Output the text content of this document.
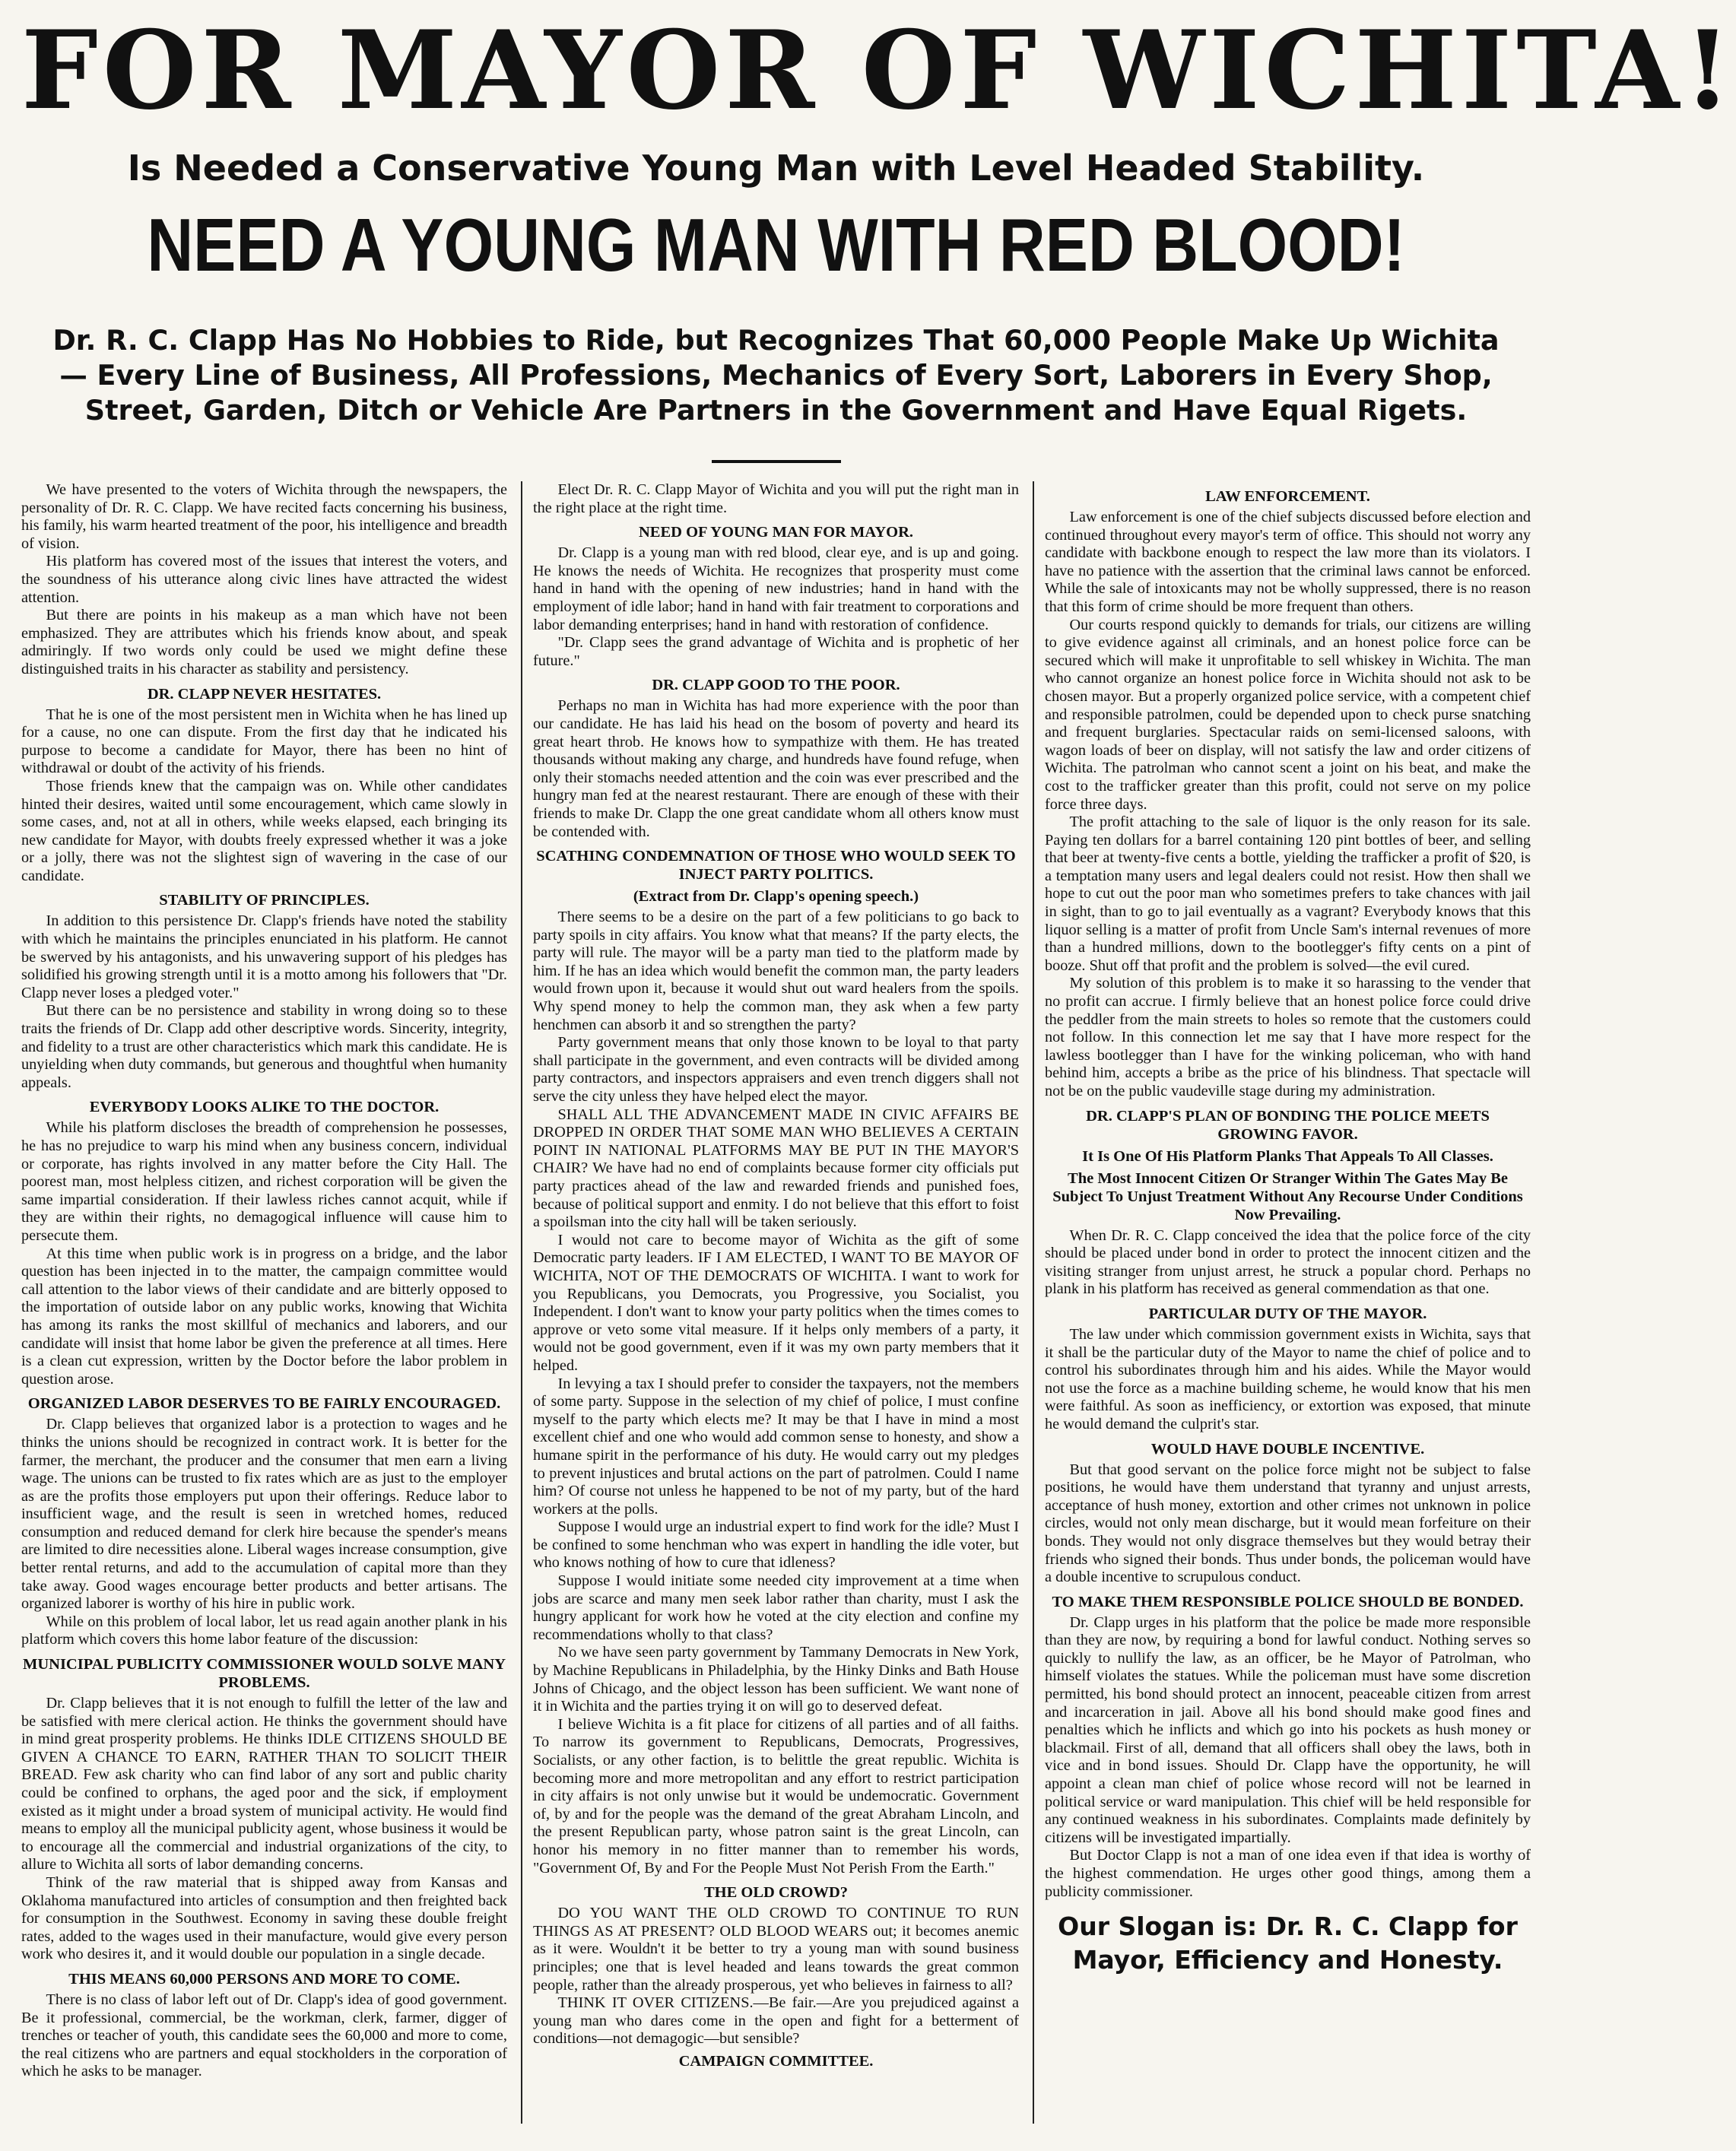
FOR MAYOR OF WICHITA!
Is Needed a Conservative Young Man with Level Headed Stability.
NEED A YOUNG MAN WITH RED BLOOD!
Dr. R. C. Clapp Has No Hobbies to Ride, but Recognizes That 60,000 People Make Up Wichita— Every Line of Business, All Professions, Mechanics of Every Sort, Laborers in Every Shop, Street, Garden, Ditch or Vehicle Are Partners in the Government and Have Equal Rigets.

We have presented to the voters of Wichita through the newspapers, the personality of Dr. R. C. Clapp. We have recited facts concerning his business, his family, his warm hearted treatment of the poor, his intelligence and breadth of vision.

His platform has covered most of the issues that interest the voters, and the soundness of his utterance along civic lines have attracted the widest attention.

But there are points in his makeup as a man which have not been emphasized. They are attributes which his friends know about, and speak admiringly. If two words only could be used we might define these distinguished traits in his character as stability and persistency.

DR. CLAPP NEVER HESITATES.

That he is one of the most persistent men in Wichita when he has lined up for a cause, no one can dispute. From the first day that he indicated his purpose to become a candidate for Mayor, there has been no hint of withdrawal or doubt of the activity of his friends.

Those friends knew that the campaign was on. While other candidates hinted their desires, waited until some encouragement, which came slowly in some cases, and, not at all in others, while weeks elapsed, each bringing its new candidate for Mayor, with doubts freely expressed whether it was a joke or a jolly, there was not the slightest sign of wavering in the case of our candidate.

STABILITY OF PRINCIPLES.

In addition to this persistence Dr. Clapp's friends have noted the stability with which he maintains the principles enunciated in his platform. He cannot be swerved by his antagonists, and his unwavering support of his pledges has solidified his growing strength until it is a motto among his followers that "Dr. Clapp never loses a pledged voter."

But there can be no persistence and stability in wrong doing so to these traits the friends of Dr. Clapp add other descriptive words. Sincerity, integrity, and fidelity to a trust are other characteristics which mark this candidate. He is unyielding when duty commands, but generous and thoughtful when humanity appeals.

EVERYBODY LOOKS ALIKE TO THE DOCTOR.

While his platform discloses the breadth of comprehension he possesses, he has no prejudice to warp his mind when any business concern, individual or corporate, has rights involved in any matter before the City Hall. The poorest man, most helpless citizen, and richest corporation will be given the same impartial consideration. If their lawless riches cannot acquit, while if they are within their rights, no demagogical influence will cause him to persecute them.

At this time when public work is in progress on a bridge, and the labor question has been injected in to the matter, the campaign committee would call attention to the labor views of their candidate and are bitterly opposed to the importation of outside labor on any public works, knowing that Wichita has among its ranks the most skillful of mechanics and laborers, and our candidate will insist that home labor be given the preference at all times. Here is a clean cut expression, written by the Doctor before the labor problem in question arose.

ORGANIZED LABOR DESERVES TO BE FAIRLY ENCOURAGED.

Dr. Clapp believes that organized labor is a protection to wages and he thinks the unions should be recognized in contract work. It is better for the farmer, the merchant, the producer and the consumer that men earn a living wage. The unions can be trusted to fix rates which are as just to the employer as are the profits those employers put upon their offerings. Reduce labor to insufficient wage, and the result is seen in wretched homes, reduced consumption and reduced demand for clerk hire because the spender's means are limited to dire necessities alone. Liberal wages increase consumption, give better rental returns, and add to the accumulation of capital more than they take away. Good wages encourage better products and better artisans. The organized laborer is worthy of his hire in public work.

While on this problem of local labor, let us read again another plank in his platform which covers this home labor feature of the discussion:

MUNICIPAL PUBLICITY COMMISSIONER WOULD SOLVE MANY PROBLEMS.

Dr. Clapp believes that it is not enough to fulfill the letter of the law and be satisfied with mere clerical action. He thinks the government should have in mind great prosperity problems. He thinks IDLE CITIZENS SHOULD BE GIVEN A CHANCE TO EARN, RATHER THAN TO SOLICIT THEIR BREAD. Few ask charity who can find labor of any sort and public charity could be confined to orphans, the aged poor and the sick, if employment existed as it might under a broad system of municipal activity. He would find means to employ all the municipal publicity agent, whose business it would be to encourage all the commercial and industrial organizations of the city, to allure to Wichita all sorts of labor demanding concerns.

Think of the raw material that is shipped away from Kansas and Oklahoma manufactured into articles of consumption and then freighted back for consumption in the Southwest. Economy in saving these double freight rates, added to the wages used in their manufacture, would give every person work who desires it, and it would double our population in a single decade.

THIS MEANS 60,000 PERSONS AND MORE TO COME.

There is no class of labor left out of Dr. Clapp's idea of good government. Be it professional, commercial, be the workman, clerk, farmer, digger of trenches or teacher of youth, this candidate sees the 60,000 and more to come, the real citizens who are partners and equal stockholders in the corporation of which he asks to be manager.

Elect Dr. R. C. Clapp Mayor of Wichita and you will put the right man in the right place at the right time.

NEED OF YOUNG MAN FOR MAYOR.

Dr. Clapp is a young man with red blood, clear eye, and is up and going. He knows the needs of Wichita. He recognizes that prosperity must come hand in hand with the opening of new industries; hand in hand with the employment of idle labor; hand in hand with fair treatment to corporations and labor demanding enterprises; hand in hand with restoration of confidence.

"Dr. Clapp sees the grand advantage of Wichita and is prophetic of her future."

DR. CLAPP GOOD TO THE POOR.

Perhaps no man in Wichita has had more experience with the poor than our candidate. He has laid his head on the bosom of poverty and heard its great heart throb. He knows how to sympathize with them. He has treated thousands without making any charge, and hundreds have found refuge, when only their stomachs needed attention and the coin was ever prescribed and the hungry man fed at the nearest restaurant. There are enough of these with their friends to make Dr. Clapp the one great candidate whom all others know must be contended with.

SCATHING CONDEMNATION OF THOSE WHO WOULD SEEK TO INJECT PARTY POLITICS.
(Extract from Dr. Clapp's opening speech.)

There seems to be a desire on the part of a few politicians to go back to party spoils in city affairs. You know what that means? If the party elects, the party will rule. The mayor will be a party man tied to the platform made by him. If he has an idea which would benefit the common man, the party leaders would frown upon it, because it would shut out ward healers from the spoils. Why spend money to help the common man, they ask when a few party henchmen can absorb it and so strengthen the party?

Party government means that only those known to be loyal to that party shall participate in the government, and even contracts will be divided among party contractors, and inspectors appraisers and even trench diggers shall not serve the city unless they have helped elect the mayor.

SHALL ALL THE ADVANCEMENT MADE IN CIVIC AFFAIRS BE DROPPED IN ORDER THAT SOME MAN WHO BELIEVES A CERTAIN POINT IN NATIONAL PLATFORMS MAY BE PUT IN THE MAYOR'S CHAIR? We have had no end of complaints because former city officials put party practices ahead of the law and rewarded friends and punished foes, because of political support and enmity. I do not believe that this effort to foist a spoilsman into the city hall will be taken seriously.

I would not care to become mayor of Wichita as the gift of some Democratic party leaders. IF I AM ELECTED, I WANT TO BE MAYOR OF WICHITA, NOT OF THE DEMOCRATS OF WICHITA. I want to work for you Republicans, you Democrats, you Progressive, you Socialist, you Independent. I don't want to know your party politics when the times comes to approve or veto some vital measure. If it helps only members of a party, it would not be good government, even if it was my own party members that it helped.

In levying a tax I should prefer to consider the taxpayers, not the members of some party. Suppose in the selection of my chief of police, I must confine myself to the party which elects me? It may be that I have in mind a most excellent chief and one who would add common sense to honesty, and show a humane spirit in the performance of his duty. He would carry out my pledges to prevent injustices and brutal actions on the part of patrolmen. Could I name him? Of course not unless he happened to be not of my party, but of the hard workers at the polls.

Suppose I would urge an industrial expert to find work for the idle? Must I be confined to some henchman who was expert in handling the idle voter, but who knows nothing of how to cure that idleness?

Suppose I would initiate some needed city improvement at a time when jobs are scarce and many men seek labor rather than charity, must I ask the hungry applicant for work how he voted at the city election and confine my recommendations wholly to that class?

No we have seen party government by Tammany Democrats in New York, by Machine Republicans in Philadelphia, by the Hinky Dinks and Bath House Johns of Chicago, and the object lesson has been sufficient. We want none of it in Wichita and the parties trying it on will go to deserved defeat.

I believe Wichita is a fit place for citizens of all parties and of all faiths. To narrow its government to Republicans, Democrats, Progressives, Socialists, or any other faction, is to belittle the great republic. Wichita is becoming more and more metropolitan and any effort to restrict participation in city affairs is not only unwise but it would be undemocratic. Government of, by and for the people was the demand of the great Abraham Lincoln, and the present Republican party, whose patron saint is the great Lincoln, can honor his memory in no fitter manner than to remember his words, "Government Of, By and For the People Must Not Perish From the Earth."

THE OLD CROWD?

DO YOU WANT THE OLD CROWD TO CONTINUE TO RUN THINGS AS AT PRESENT? OLD BLOOD WEARS out; it becomes anemic as it were. Wouldn't it be better to try a young man with sound business principles; one that is level headed and leans towards the great common people, rather than the already prosperous, yet who believes in fairness to all?

THINK IT OVER CITIZENS.—Be fair.—Are you prejudiced against a young man who dares come in the open and fight for a betterment of conditions—not demagogic—but sensible?

CAMPAIGN COMMITTEE.
LAW ENFORCEMENT.

Law enforcement is one of the chief subjects discussed before election and continued throughout every mayor's term of office. This should not worry any candidate with backbone enough to respect the law more than its violators. I have no patience with the assertion that the criminal laws cannot be enforced. While the sale of intoxicants may not be wholly suppressed, there is no reason that this form of crime should be more frequent than others.

Our courts respond quickly to demands for trials, our citizens are willing to give evidence against all criminals, and an honest police force can be secured which will make it unprofitable to sell whiskey in Wichita. The man who cannot organize an honest police force in Wichita should not ask to be chosen mayor. But a properly organized police service, with a competent chief and responsible patrolmen, could be depended upon to check purse snatching and frequent burglaries. Spectacular raids on semi-licensed saloons, with wagon loads of beer on display, will not satisfy the law and order citizens of Wichita. The patrolman who cannot scent a joint on his beat, and make the cost to the trafficker greater than this profit, could not serve on my police force three days.

The profit attaching to the sale of liquor is the only reason for its sale. Paying ten dollars for a barrel containing 120 pint bottles of beer, and selling that beer at twenty-five cents a bottle, yielding the trafficker a profit of $20, is a temptation many users and legal dealers could not resist. How then shall we hope to cut out the poor man who sometimes prefers to take chances with jail in sight, than to go to jail eventually as a vagrant? Everybody knows that this liquor selling is a matter of profit from Uncle Sam's internal revenues of more than a hundred millions, down to the bootlegger's fifty cents on a pint of booze. Shut off that profit and the problem is solved—the evil cured.

My solution of this problem is to make it so harassing to the vender that no profit can accrue. I firmly believe that an honest police force could drive the peddler from the main streets to holes so remote that the customers could not follow. In this connection let me say that I have more respect for the lawless bootlegger than I have for the winking policeman, who with hand behind him, accepts a bribe as the price of his blindness. That spectacle will not be on the public vaudeville stage during my administration.

DR. CLAPP'S PLAN OF BONDING THE POLICE MEETS GROWING FAVOR.
It Is One Of His Platform Planks That Appeals To All Classes.
The Most Innocent Citizen Or Stranger Within The Gates May Be Subject To Unjust Treatment Without Any Recourse Under Conditions Now Prevailing.

When Dr. R. C. Clapp conceived the idea that the police force of the city should be placed under bond in order to protect the innocent citizen and the visiting stranger from unjust arrest, he struck a popular chord. Perhaps no plank in his platform has received as general commendation as that one.

PARTICULAR DUTY OF THE MAYOR.

The law under which commission government exists in Wichita, says that it shall be the particular duty of the Mayor to name the chief of police and to control his subordinates through him and his aides. While the Mayor would not use the force as a machine building scheme, he would know that his men were faithful. As soon as inefficiency, or extortion was exposed, that minute he would demand the culprit's star.

WOULD HAVE DOUBLE INCENTIVE.

But that good servant on the police force might not be subject to false positions, he would have them understand that tyranny and unjust arrests, acceptance of hush money, extortion and other crimes not unknown in police circles, would not only mean discharge, but it would mean forfeiture on their bonds. They would not only disgrace themselves but they would betray their friends who signed their bonds. Thus under bonds, the policeman would have a double incentive to scrupulous conduct.

TO MAKE THEM RESPONSIBLE POLICE SHOULD BE BONDED.

Dr. Clapp urges in his platform that the police be made more responsible than they are now, by requiring a bond for lawful conduct. Nothing serves so quickly to nullify the law, as an officer, be he Mayor of Patrolman, who himself violates the statues. While the policeman must have some discretion permitted, his bond should protect an innocent, peaceable citizen from arrest and incarceration in jail. Above all his bond should make good fines and penalties which he inflicts and which go into his pockets as hush money or blackmail. First of all, demand that all officers shall obey the laws, both in vice and in bond issues. Should Dr. Clapp have the opportunity, he will appoint a clean man chief of police whose record will not be learned in political service or ward manipulation. This chief will be held responsible for any continued weakness in his subordinates. Complaints made definitely by citizens will be investigated impartially.

But Doctor Clapp is not a man of one idea even if that idea is worthy of the highest commendation. He urges other good things, among them a publicity commissioner.

Our Slogan is: Dr. R. C. Clapp for Mayor, Efficiency and Honesty.
